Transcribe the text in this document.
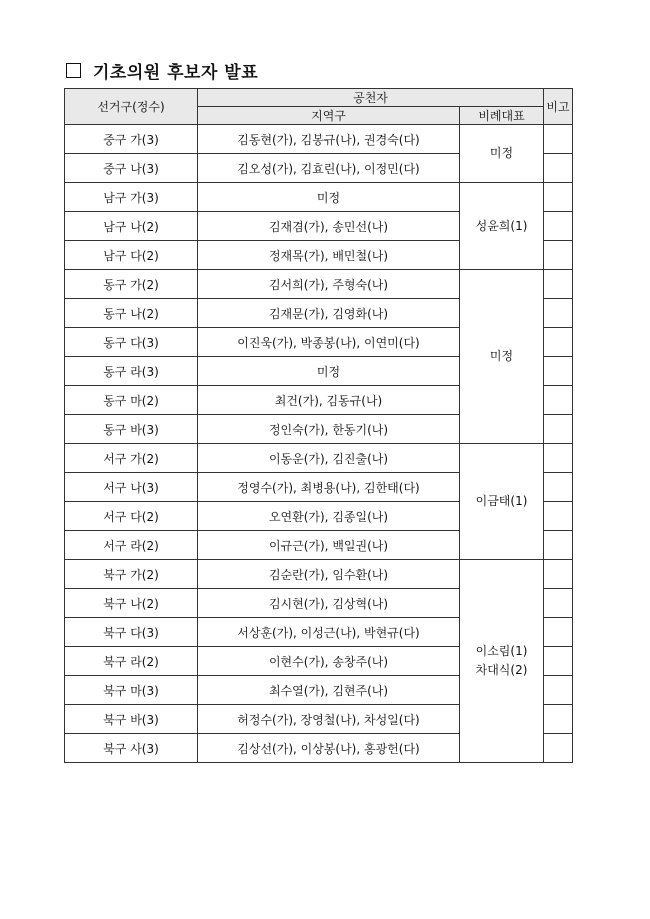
기초의원 후보자 발표
선거구(정수)	공천자		비고
	지역구	비례대표	
중구 가(3)	김동현(가), 김봉규(나), 권경숙(다)	미정	

중구 나(3)	김오성(가), 김효린(나), 이정민(다)		
남구 가(3)	미정	성윤희(1)	

남구 나(2)	김재겸(가), 송민선(나)		
남구 다(2)	정재목(가), 배민철(나)		
동구 가(2)	김서희(가), 주형숙(나)	미정	

동구 나(2)	김재문(가), 김영화(나)		
동구 다(3)	이진욱(가), 박종봉(나), 이연미(다)		
동구 라(3)	미정		
동구 마(2)	최건(가), 김동규(나)		
동구 바(3)	정인숙(가), 한동기(나)		
서구 가(2)	이동운(가), 김진출(나)	이금태(1)	

서구 나(3)	정영수(가), 최병용(나), 김한태(다)		
서구 다(2)	오연환(가), 김종일(나)		
서구 라(2)	이규근(가), 백일권(나)		
북구 가(2)	김순란(가), 임수환(나)	이소림(1)
차대식(2)	

북구 나(2)	김시현(가), 김상혁(나)		
북구 다(3)	서상훈(가), 이성근(나), 박현규(다)		
북구 라(2)	이현수(가), 송창주(나)		
북구 마(3)	최수열(가), 김현주(나)		
북구 바(3)	허정수(가), 장영철(나), 차성일(다)		
북구 사(3)	김상선(가), 이상봉(나), 홍광헌(다)		
